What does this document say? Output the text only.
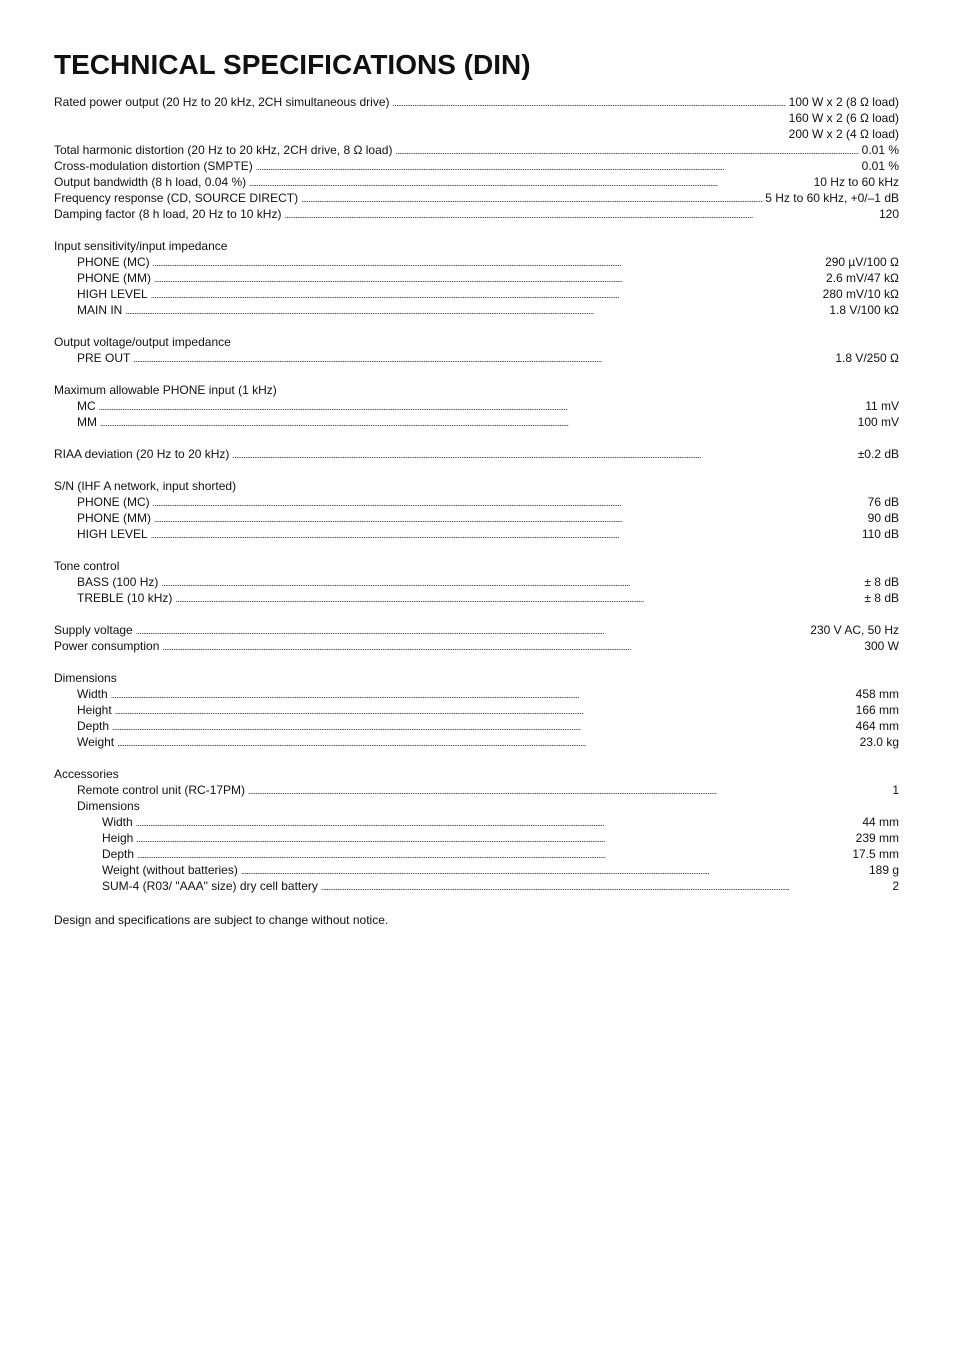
TECHNICAL SPECIFICATIONS (DIN)
Rated power output (20 Hz to 20 kHz, 2CH simultaneous drive) . . .	100 W x 2 (8 Ω load)
160 W x 2 (6 Ω load)
200 W x 2 (4 Ω load)
Total harmonic distortion (20 Hz to 20 kHz, 2CH drive, 8 Ω load) . . .	0.01 %
Cross-modulation distortion (SMPTE) . . .	0.01 %
Output bandwidth (8 h load, 0.04 %) . . .	10 Hz to 60 kHz
Frequency response (CD, SOURCE DIRECT) . . .	5 Hz to 60 kHz, +0/–1 dB
Damping factor (8 h load, 20 Hz to 10 kHz) . . .	120
Input sensitivity/input impedance
PHONE (MC) . . .	290 µV/100 Ω
PHONE (MM) . . .	2.6 mV/47 kΩ
HIGH LEVEL . . .	280 mV/10 kΩ
MAIN IN . . .	1.8 V/100 kΩ
Output voltage/output impedance
PRE OUT . . .	1.8 V/250 Ω
Maximum allowable PHONE input (1 kHz)
MC . . .	11 mV
MM . . .	100 mV
RIAA deviation (20 Hz to 20 kHz) . . .	±0.2 dB
S/N (IHF A network, input shorted)
PHONE (MC) . . .	76 dB
PHONE (MM) . . .	90 dB
HIGH LEVEL . . .	110 dB
Tone control
BASS (100 Hz) . . .	± 8 dB
TREBLE (10 kHz) . . .	± 8 dB
Supply voltage . . .	230 V AC, 50 Hz
Power consumption . . .	300 W
Dimensions
Width . . .	458 mm
Height . . .	166 mm
Depth . . .	464 mm
Weight . . .	23.0 kg
Accessories
Remote control unit (RC-17PM) . . .	1
Dimensions
Width . . .	44 mm
Heigh . . .	239 mm
Depth . . .	17.5 mm
Weight (without batteries) . . .	189 g
SUM-4 (R03/ "AAA" size) dry cell battery . . .	2
Design and specifications are subject to change without notice.
